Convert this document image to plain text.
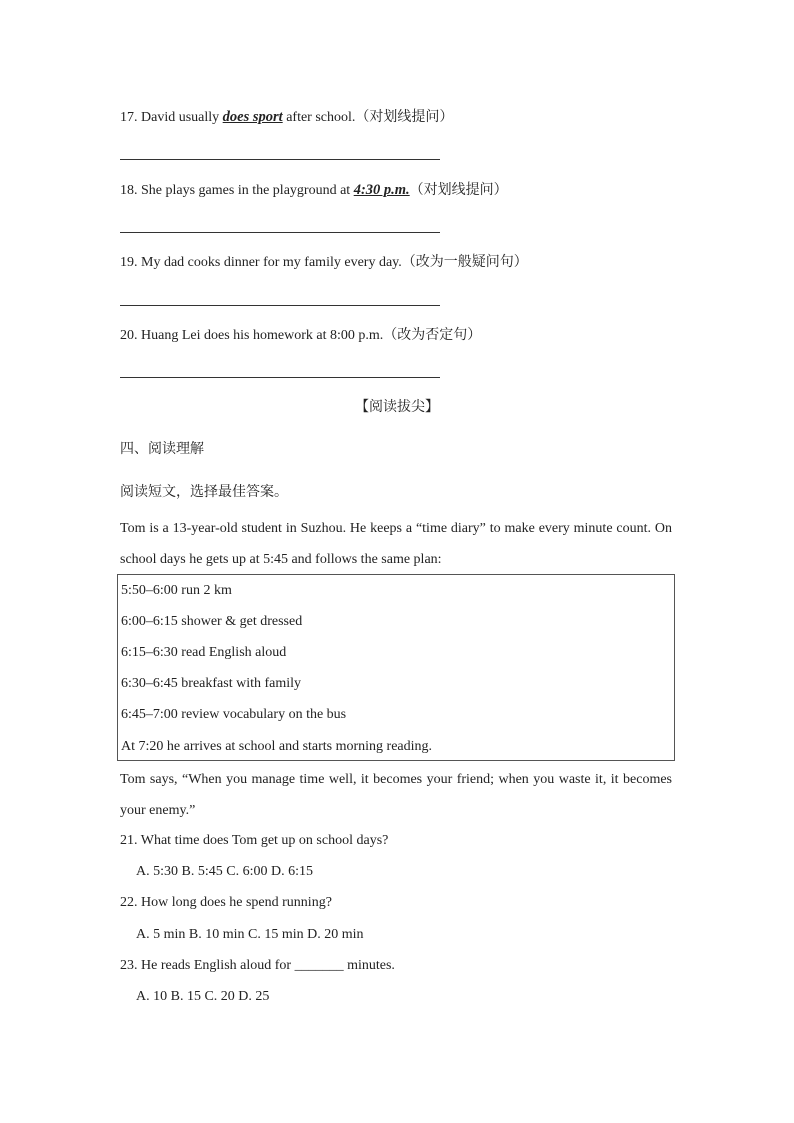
17. David usually does sport after school.（对划线提问）
18. She plays games in the playground at 4:30 p.m.（对划线提问）
19. My dad cooks dinner for my family every day.（改为一般疑问句）
20. Huang Lei does his homework at 8:00 p.m.（改为否定句）
【阅读拔尖】
四、阅读理解
阅读短文，选择最佳答案。
Tom is a 13-year-old student in Suzhou. He keeps a “time diary” to make every minute count. On school days he gets up at 5:45 and follows the same plan:
5:50–6:00 run 2 km
6:00–6:15 shower & get dressed
6:15–6:30 read English aloud
6:30–6:45 breakfast with family
6:45–7:00 review vocabulary on the bus
At 7:20 he arrives at school and starts morning reading.
Tom says, “When you manage time well, it becomes your friend; when you waste it, it becomes your enemy.”
21. What time does Tom get up on school days?
A. 5:30 B. 5:45 C. 6:00 D. 6:15
22. How long does he spend running?
A. 5 min B. 10 min C. 15 min D. 20 min
23. He reads English aloud for _______ minutes.
A. 10 B. 15 C. 20 D. 25
